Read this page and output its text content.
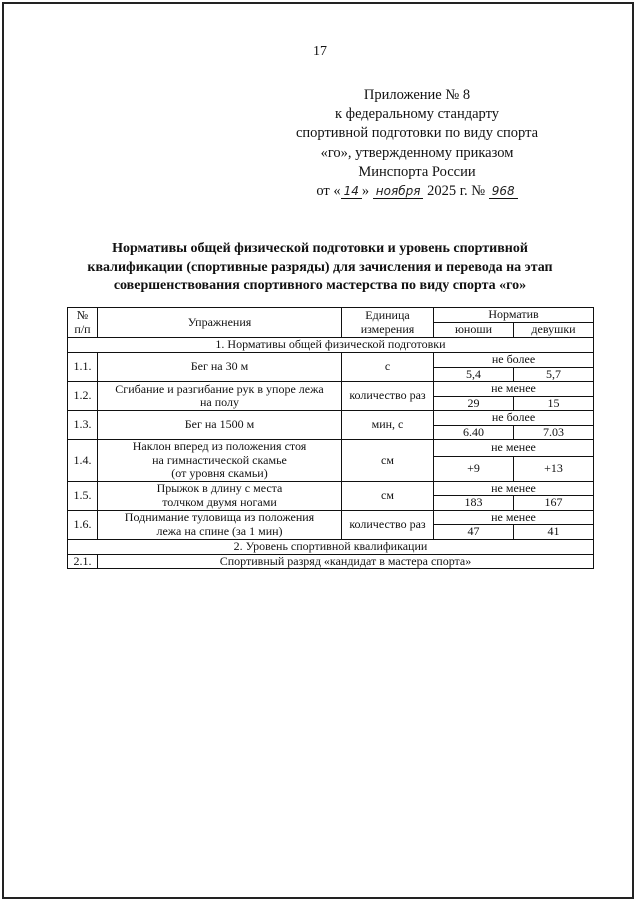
17
Приложение № 8
к федеральному стандарту
спортивной подготовки по виду спорта
«го», утвержденному приказом
Минспорта России
от « 14 » ноября 2025 г. № 968
Нормативы общей физической подготовки и уровень спортивной
квалификации (спортивные разряды) для зачисления и перевода на этап
совершенствования спортивного мастерства по виду спорта «го»
№
п/п	Упражнения	Единица
измерения	Норматив	
			юноши	девушки
1. Нормативы общей физической подготовки				
1.1.	Бег на 30 м	с	не более	
			5,4	5,7
1.2.	Сгибание и разгибание рук в упоре лежа
на полу	количество раз	не менее	
			29	15
1.3.	Бег на 1500 м	мин, с	не более	
			6.40	7.03
1.4.	Наклон вперед из положения стоя
на гимнастической скамье
(от уровня скамьи)	см	не менее	
			+9	+13
1.5.	Прыжок в длину с места
толчком двумя ногами	см	не менее	
			183	167
1.6.	Поднимание туловища из положения
лежа на спине (за 1 мин)	количество раз	не менее	
			47	41
2. Уровень спортивной квалификации				
2.1.	Спортивный разряд «кандидат в мастера спорта»			
